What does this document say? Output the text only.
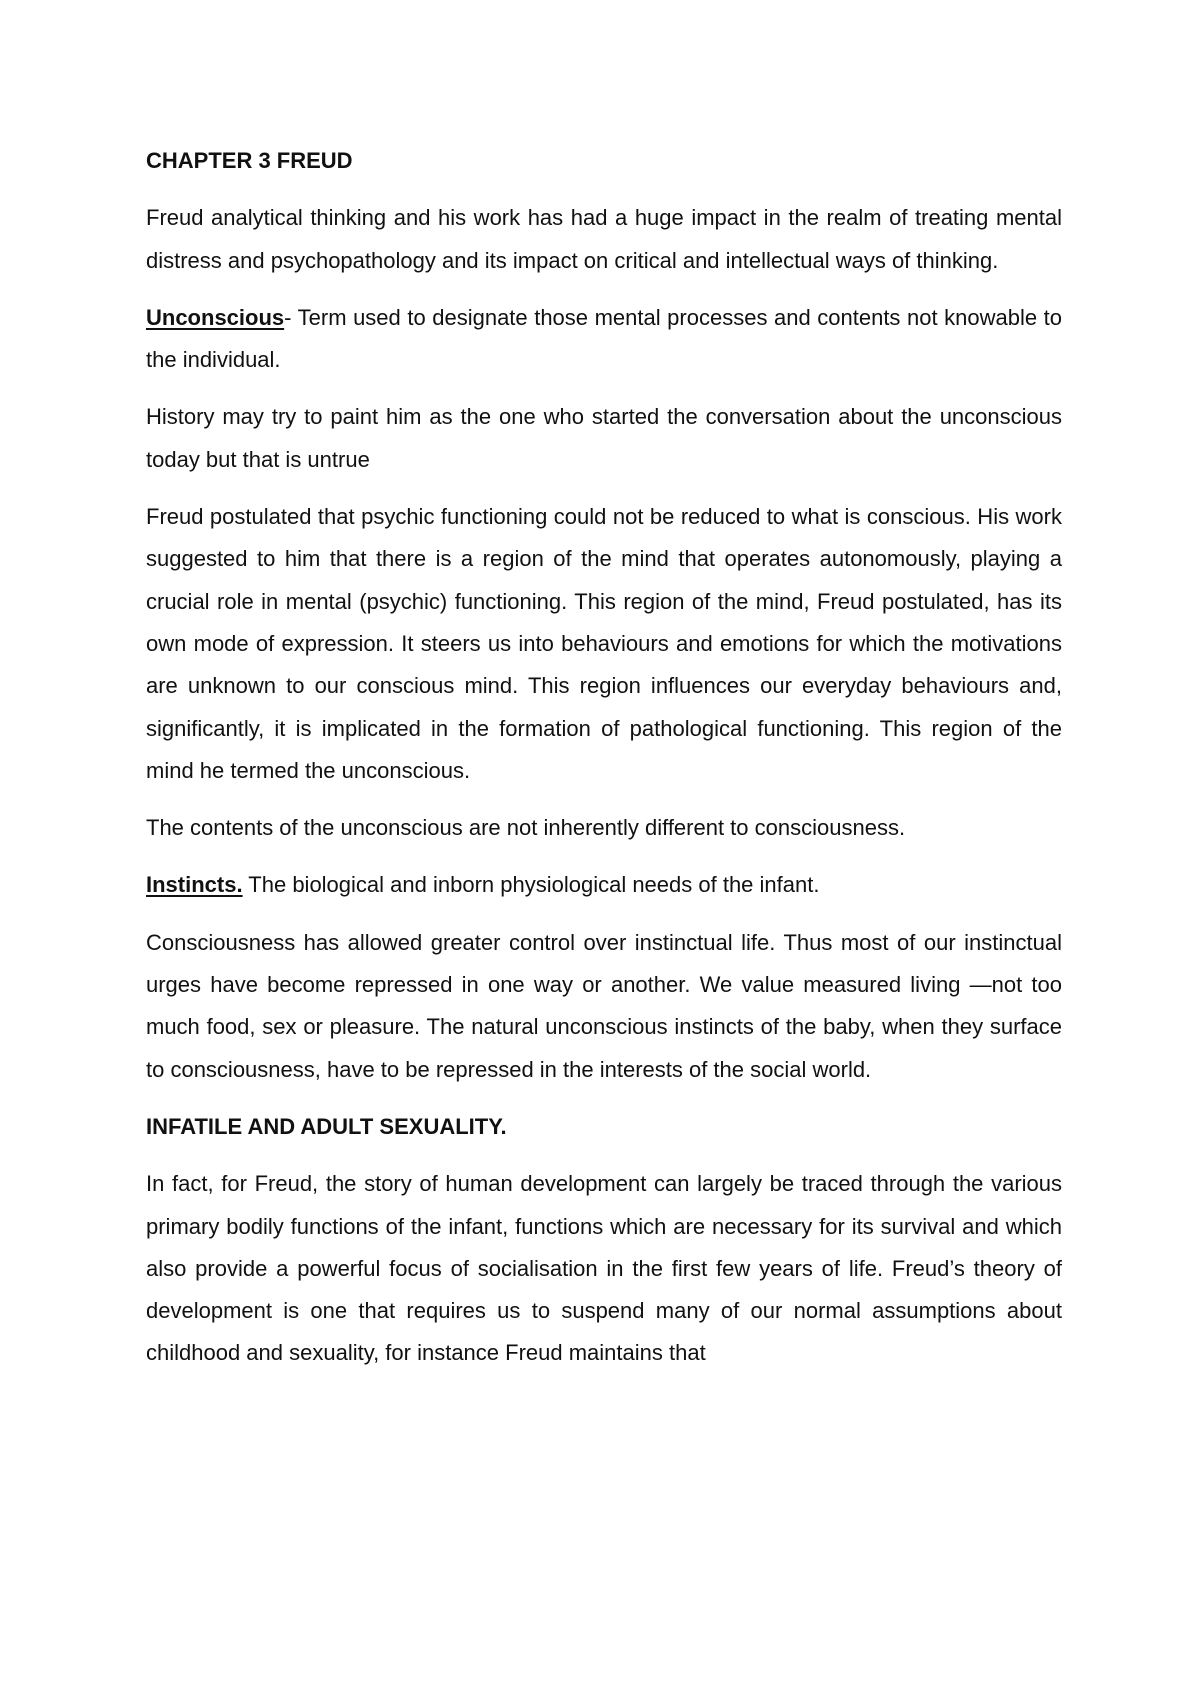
CHAPTER 3 FREUD

Freud analytical thinking and his work has had a huge impact in the realm of treating mental distress and psychopathology and its impact on critical and intellectual ways of thinking.

Unconscious- Term used to designate those mental processes and contents not knowable to the individual.

History may try to paint him as the one who started the conversation about the unconscious today but that is untrue

Freud postulated that psychic functioning could not be reduced to what is conscious. His work suggested to him that there is a region of the mind that operates autonomously, playing a crucial role in mental (psychic) functioning. This region of the mind, Freud postulated, has its own mode of expression. It steers us into behaviours and emotions for which the motivations are unknown to our conscious mind. This region influences our everyday behaviours and, significantly, it is implicated in the formation of pathological functioning. This region of the mind he termed the unconscious.

The contents of the unconscious are not inherently different to consciousness.

Instincts. The biological and inborn physiological needs of the infant.

Consciousness has allowed greater control over instinctual life. Thus most of our instinctual urges have become repressed in one way or another. We value measured living —not too much food, sex or pleasure. The natural unconscious instincts of the baby, when they surface to consciousness, have to be repressed in the interests of the social world.

INFATILE AND ADULT SEXUALITY.

In fact, for Freud, the story of human development can largely be traced through the various primary bodily functions of the infant, functions which are necessary for its survival and which also provide a powerful focus of socialisation in the first few years of life. Freud’s theory of development is one that requires us to suspend many of our normal assumptions about childhood and sexuality, for instance Freud maintains that
